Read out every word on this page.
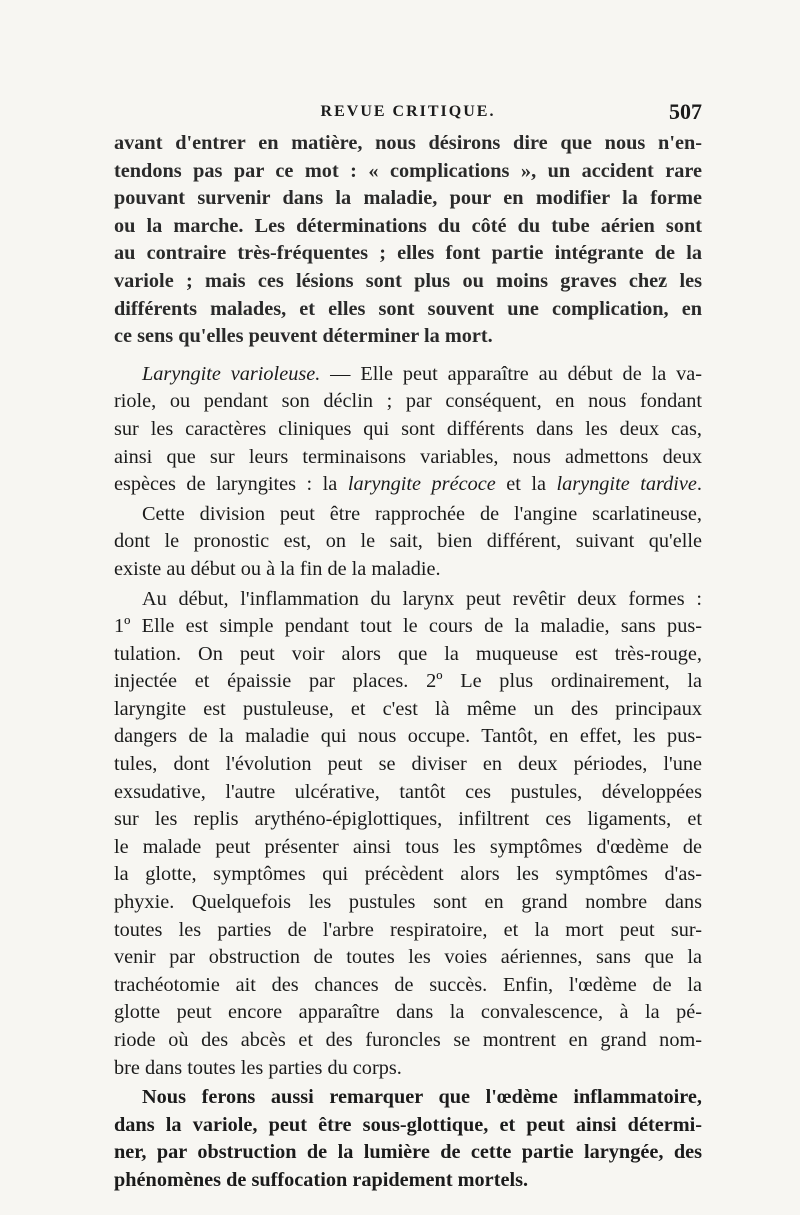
REVUE CRITIQUE.	507

avant d'entrer en matière, nous désirons dire que nous n'en-
tendons pas par ce mot : « complications », un accident rare
pouvant survenir dans la maladie, pour en modifier la forme
ou la marche. Les déterminations du côté du tube aérien sont
au contraire très-fréquentes ; elles font partie intégrante de la
variole ; mais ces lésions sont plus ou moins graves chez les
différents malades, et elles sont souvent une complication, en
ce sens qu'elles peuvent déterminer la mort.

Laryngite varioleuse. — Elle peut apparaître au début de la va-
riole, ou pendant son déclin ; par conséquent, en nous fondant
sur les caractères cliniques qui sont différents dans les deux cas,
ainsi que sur leurs terminaisons variables, nous admettons deux
espèces de laryngites : la laryngite précoce et la laryngite tardive.

Cette division peut être rapprochée de l'angine scarlatineuse,
dont le pronostic est, on le sait, bien différent, suivant qu'elle
existe au début ou à la fin de la maladie.

Au début, l'inflammation du larynx peut revêtir deux formes :
1º Elle est simple pendant tout le cours de la maladie, sans pus-
tulation. On peut voir alors que la muqueuse est très-rouge,
injectée et épaissie par places. 2º Le plus ordinairement, la
laryngite est pustuleuse, et c'est là même un des principaux
dangers de la maladie qui nous occupe. Tantôt, en effet, les pus-
tules, dont l'évolution peut se diviser en deux périodes, l'une
exsudative, l'autre ulcérative, tantôt ces pustules, développées
sur les replis arythéno-épiglottiques, infiltrent ces ligaments, et
le malade peut présenter ainsi tous les symptômes d'œdème de
la glotte, symptômes qui précèdent alors les symptômes d'as-
phyxie. Quelquefois les pustules sont en grand nombre dans
toutes les parties de l'arbre respiratoire, et la mort peut sur-
venir par obstruction de toutes les voies aériennes, sans que la
trachéotomie ait des chances de succès. Enfin, l'œdème de la
glotte peut encore apparaître dans la convalescence, à la pé-
riode où des abcès et des furoncles se montrent en grand nom-
bre dans toutes les parties du corps.

Nous ferons aussi remarquer que l'œdème inflammatoire,
dans la variole, peut être sous-glottique, et peut ainsi détermi-
ner, par obstruction de la lumière de cette partie laryngée, des
phénomènes de suffocation rapidement mortels.
